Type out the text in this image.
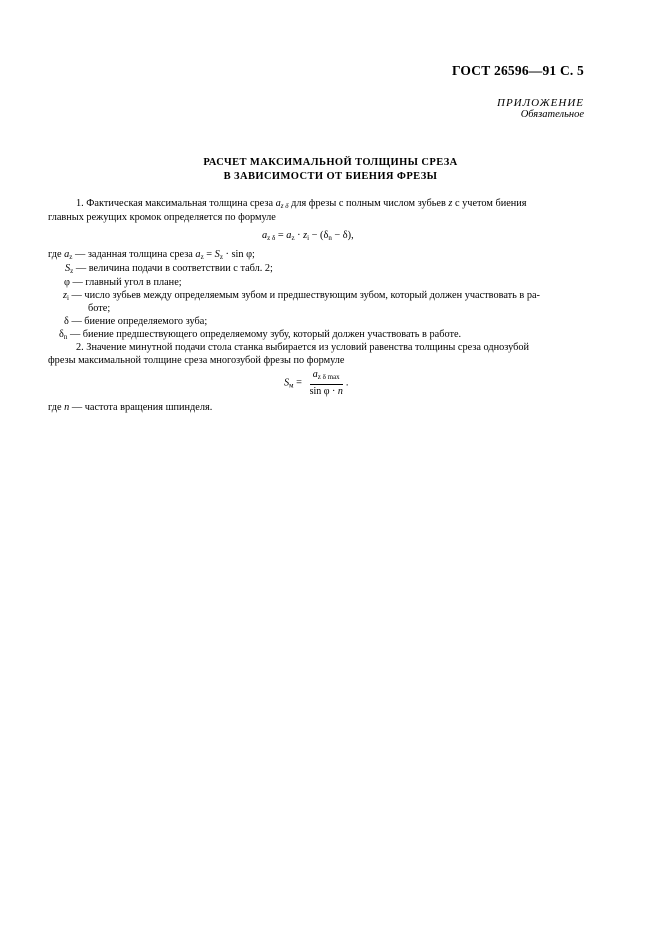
ГОСТ 26596—91 С. 5
ПРИЛОЖЕНИЕ
Обязательное
РАСЧЕТ МАКСИМАЛЬНОЙ ТОЛЩИНЫ СРЕЗА
В ЗАВИСИМОСТИ ОТ БИЕНИЯ ФРЕЗЫ
1. Фактическая максимальная толщина среза $a_{z \delta}$ для фрезы с полным числом зубьев z с учетом биения
главных режущих кромок определяется по формуле
$a_{z \delta} = a_z \cdot z_i - (\delta_n - \delta)$,
где $a_z$ — заданная толщина среза $a_z = S_z \cdot \sin \varphi$;
$S_z$ — величина подачи в соответствии с табл. 2;
φ — главный угол в плане;
$z_i$ — число зубьев между определяемым зубом и предшествующим зубом, который должен участвовать в ра-
боте;
δ — биение определяемого зуба;
$\delta_n$ — биение предшествующего определяемому зубу, который должен участвовать в работе.
2. Значение минутной подачи стола станка выбирается из условий равенства толщины среза однозубой
фрезы максимальной толщине среза многозубой фрезы по формуле
$S_м = \frac{a_{z \delta max}}{\text{sin φ · n}}$ .
где n — частота вращения шпинделя.
